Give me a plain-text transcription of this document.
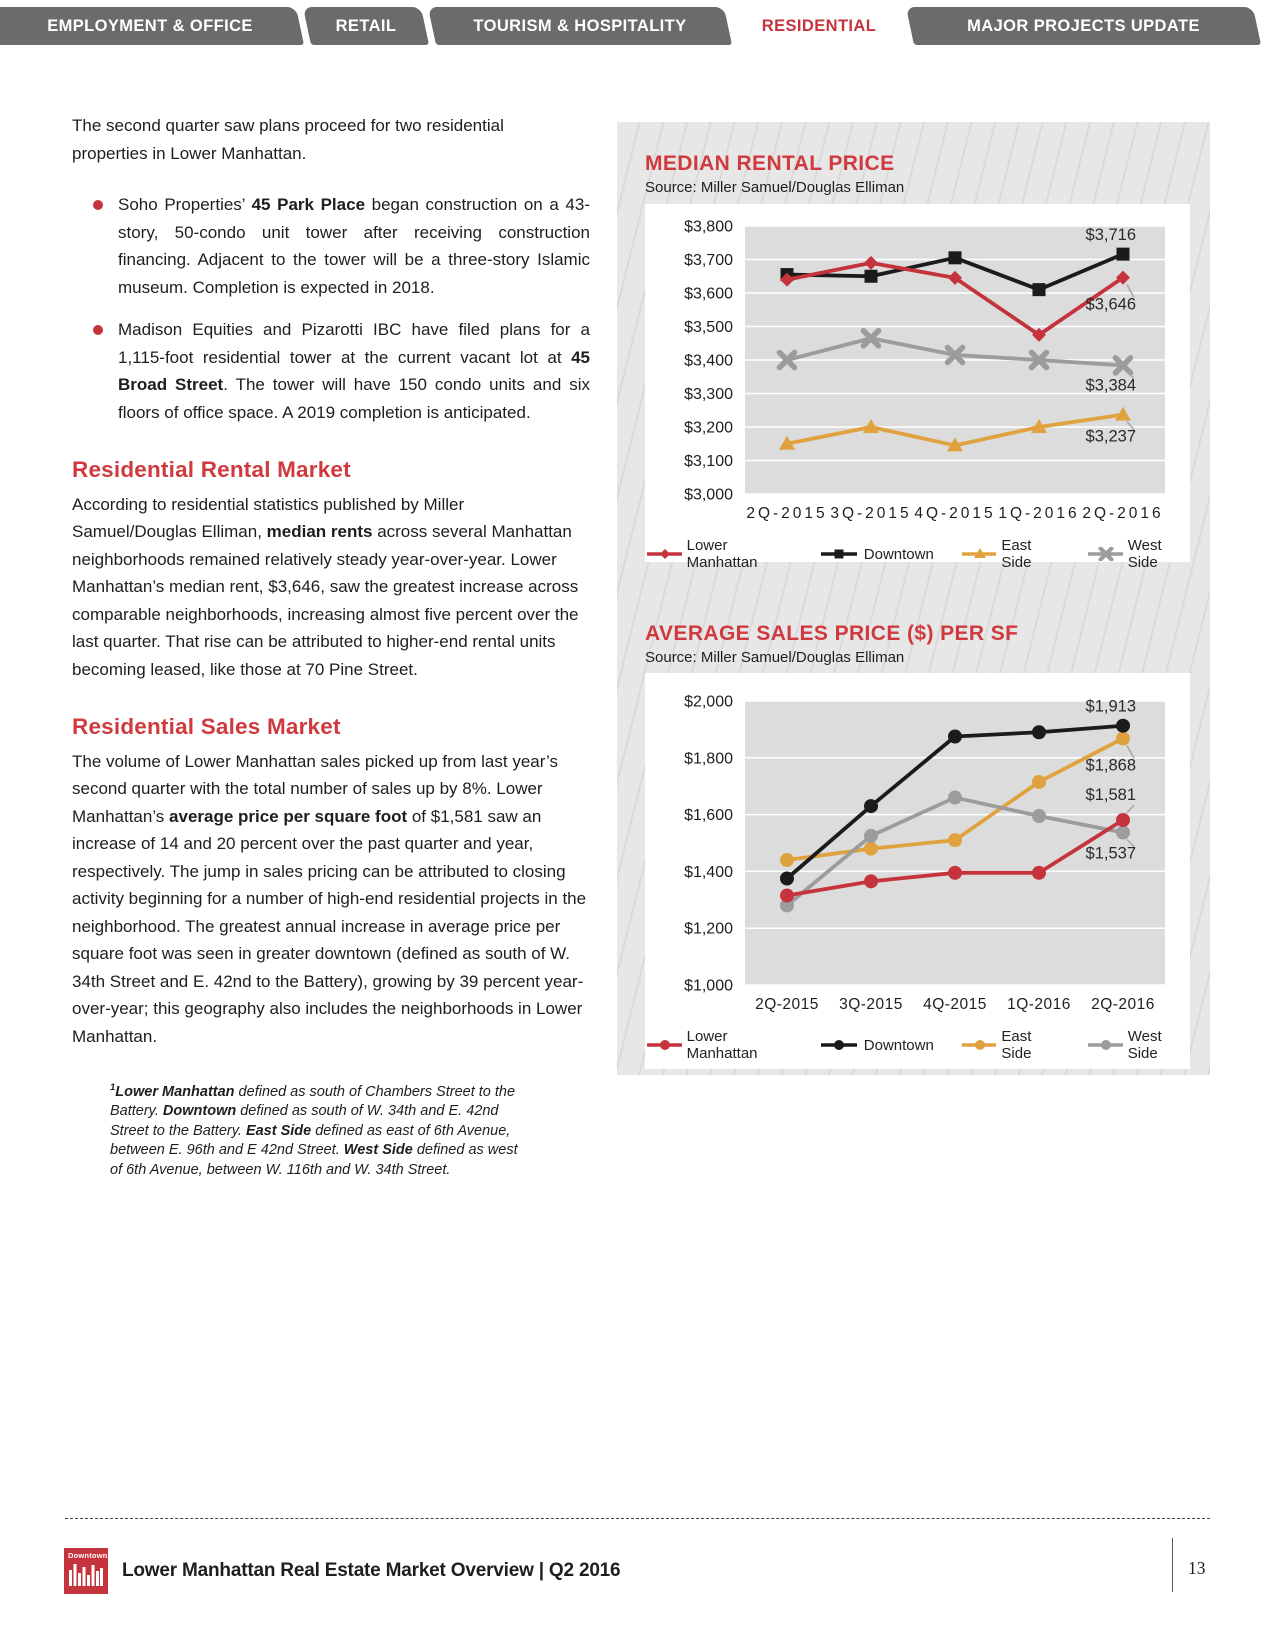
EMPLOYMENT & OFFICE	RETAIL	TOURISM & HOSPITALITY	RESIDENTIAL	MAJOR PROJECTS UPDATE

The second quarter saw plans proceed for two residential properties in Lower Manhattan.

Soho Properties’ 45 Park Place began construction on a 43-story, 50-condo unit tower after receiving construction financing. Adjacent to the tower will be a three-story Islamic museum. Completion is expected in 2018.
Madison Equities and Pizarotti IBC have filed plans for a 1,115-foot residential tower at the current vacant lot at 45 Broad Street. The tower will have 150 condo units and six floors of office space. A 2019 completion is anticipated.
Residential Rental Market

According to residential statistics published by Miller Samuel/Douglas Elliman, median rents across several Manhattan neighborhoods remained relatively steady year-over-year. Lower Manhattan’s median rent, $3,646, saw the greatest increase across comparable neighborhoods, increasing almost five percent over the last quarter. That rise can be attributed to higher-end rental units becoming leased, like those at 70 Pine Street.

Residential Sales Market

The volume of Lower Manhattan sales picked up from last year’s second quarter with the total number of sales up by 8%. Lower Manhattan’s average price per square foot of $1,581 saw an increase of 14 and 20 percent over the past quarter and year, respectively. The jump in sales pricing can be attributed to closing activity beginning for a number of high-end residential projects in the neighborhood. The greatest annual increase in average price per square foot was seen in greater downtown (defined as south of W. 34th Street and E. 42nd to the Battery), growing by 39 percent year-over-year; this geography also includes the neighborhoods in Lower Manhattan.

$^1$Lower Manhattan defined as south of Chambers Street to the Battery. Downtown defined as south of W. 34th and E. 42nd Street to the Battery. East Side defined as east of 6th Avenue, between E. 96th and E 42nd Street. West Side defined as west of 6th Avenue, between W. 116th and W. 34th Street.

MEDIAN RENTAL PRICE
Source: Miller Samuel/Douglas Elliman
$3,000
$3,100
$3,200
$3,300
$3,400
$3,500
$3,600
$3,700
$3,800
2Q-2015 3Q-2015 4Q-2015 1Q-2016 2Q-2016
$3,646
$3,716
$3,237
$3,384
Lower Manhattan	Downtown	East Side
West Side
AVERAGE SALES PRICE ($) PER SF
Source: Miller Samuel/Douglas Elliman
$1,000
$1,200
$1,400
$1,600
$1,800
$2,000
2Q-2015 3Q-2015 4Q-2015 1Q-2016 2Q-2016
$1,581
$1,913
$1,868
$1,537
Lower Manhattan	Downtown	East Side
West Side
Downtown
Lower Manhattan Real Estate Market Overview | Q2 2016	13
